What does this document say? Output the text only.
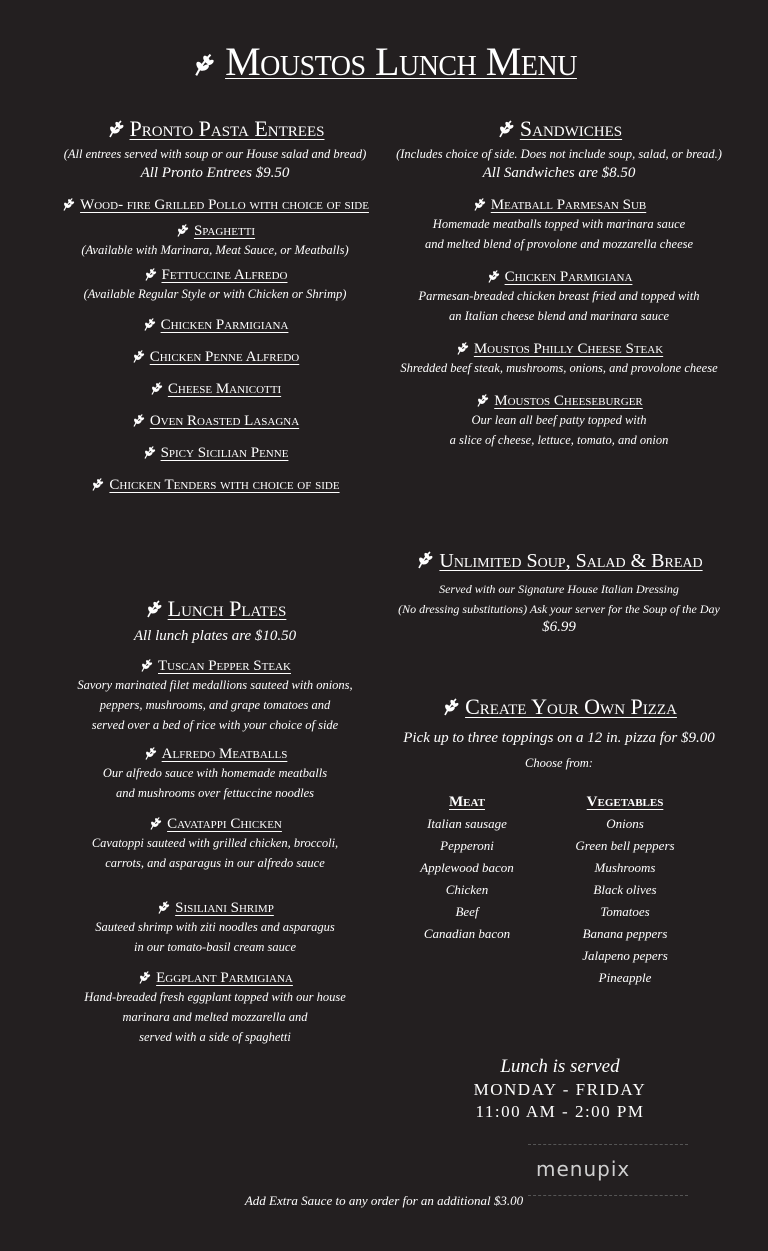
Moustos Lunch Menu
Pronto Pasta Entrees
(All entrees served with soup or our House salad and bread)
All Pronto Entrees $9.50
Wood- fire Grilled Pollo with choice of side
Spaghetti
(Available with Marinara, Meat Sauce, or Meatballs)
Fettuccine Alfredo
(Available Regular Style or with Chicken or Shrimp)
Chicken Parmigiana
Chicken Penne Alfredo
Cheese Manicotti
Oven Roasted Lasagna
Spicy Sicilian Penne
Chicken Tenders with choice of side
Lunch Plates
All lunch plates are $10.50
Tuscan Pepper Steak
Savory marinated filet medallions sauteed with onions,
peppers, mushrooms, and grape tomatoes and
served over a bed of rice with your choice of side
Alfredo Meatballs
Our alfredo sauce with homemade meatballs
and mushrooms over fettuccine noodles
Cavatappi Chicken
Cavatoppi sauteed with grilled chicken, broccoli,
carrots, and asparagus in our alfredo sauce
Sisiliani Shrimp
Sauteed shrimp with ziti noodles and asparagus
in our tomato-basil cream sauce
Eggplant Parmigiana
Hand-breaded fresh eggplant topped with our house
marinara and melted mozzarella and
served with a side of spaghetti
Sandwiches
(Includes choice of side. Does not include soup, salad, or bread.)
All Sandwiches are $8.50
Meatball Parmesan Sub
Homemade meatballs topped with marinara sauce
and melted blend of provolone and mozzarella cheese
Chicken Parmigiana
Parmesan-breaded chicken breast fried and topped with
an Italian cheese blend and marinara sauce
Moustos Philly Cheese Steak
Shredded beef steak, mushrooms, onions, and provolone cheese
Moustos Cheeseburger
Our lean all beef patty topped with
a slice of cheese, lettuce, tomato, and onion
Unlimited Soup, Salad & Bread
Served with our Signature House Italian Dressing
(No dressing substitutions) Ask your server for the Soup of the Day
$6.99
Create Your Own Pizza
Pick up to three toppings on a 12 in. pizza for $9.00
Choose from:
Meat
Italian sausage
Pepperoni
Applewood bacon
Chicken
Beef
Canadian bacon
Vegetables
Onions
Green bell peppers
Mushrooms
Black olives
Tomatoes
Banana peppers
Jalapeno pepers
Pineapple
Lunch is served
MONDAY - FRIDAY
11:00 AM - 2:00 PM
menupix
Add Extra Sauce to any order for an additional $3.00
